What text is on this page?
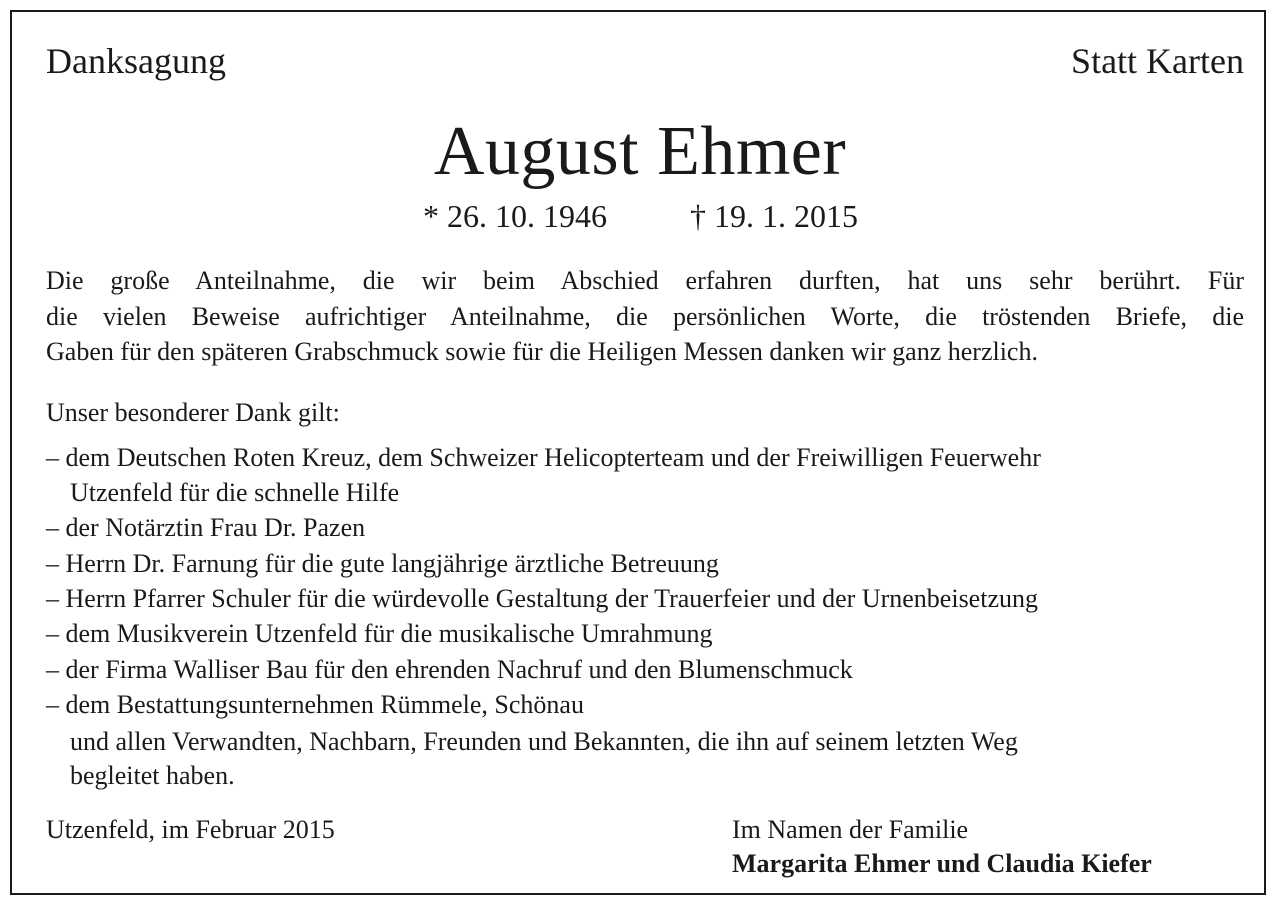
Danksagung	Statt Karten
August Ehmer
* 26. 10. 1946	† 19. 1. 2015
Die große Anteilnahme, die wir beim Abschied erfahren durften, hat uns sehr berührt. Für
die vielen Beweise aufrichtiger Anteilnahme, die persönlichen Worte, die tröstenden Briefe, die
Gaben für den späteren Grabschmuck sowie für die Heiligen Messen danken wir ganz herzlich.
Unser besonderer Dank gilt:
– dem Deutschen Roten Kreuz, dem Schweizer Helicopterteam und der Freiwilligen Feuerwehr
Utzenfeld für die schnelle Hilfe
– der Notärztin Frau Dr. Pazen
– Herrn Dr. Farnung für die gute langjährige ärztliche Betreuung
– Herrn Pfarrer Schuler für die würdevolle Gestaltung der Trauerfeier und der Urnenbeisetzung
– dem Musikverein Utzenfeld für die musikalische Umrahmung
– der Firma Walliser Bau für den ehrenden Nachruf und den Blumenschmuck
– dem Bestattungsunternehmen Rümmele, Schönau
und allen Verwandten, Nachbarn, Freunden und Bekannten, die ihn auf seinem letzten Weg
begleitet haben.
Utzenfeld, im Februar 2015	Im Namen der Familie
Margarita Ehmer und Claudia Kiefer
